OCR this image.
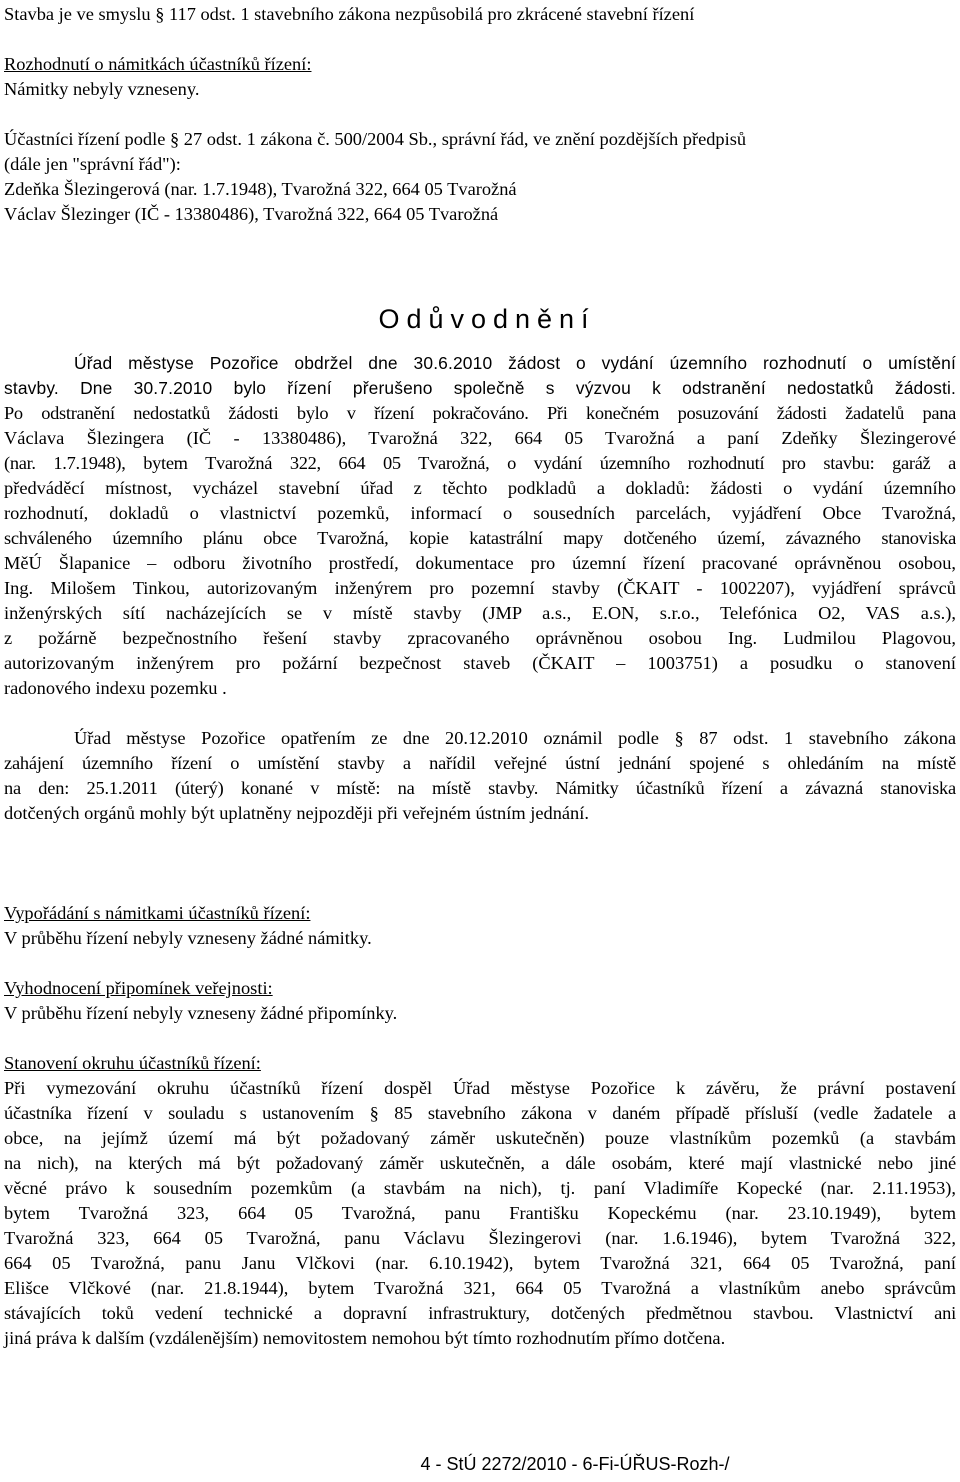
Stavba je ve smyslu § 117 odst. 1 stavebního zákona nezpůsobilá pro zkrácené stavební řízení
Rozhodnutí o námitkách účastníků řízení:
Námitky nebyly vzneseny.
Účastníci řízení podle § 27 odst. 1 zákona č. 500/2004 Sb., správní řád, ve znění pozdějších předpisů
(dále jen "správní řád"):
Zdeňka Šlezingerová (nar. 1.7.1948), Tvarožná 322, 664 05 Tvarožná
Václav Šlezinger (IČ - 13380486), Tvarožná 322, 664 05 Tvarožná
Odůvodnění
Úřad městyse Pozořice obdržel dne 30.6.2010 žádost o vydání územního rozhodnutí o umístění
stavby. Dne 30.7.2010 bylo řízení přerušeno společně s výzvou k odstranění nedostatků žádosti.
Po odstranění nedostatků žádosti bylo v řízení pokračováno. Při konečném posuzování žádosti žadatelů pana
Václava Šlezingera (IČ - 13380486), Tvarožná 322, 664 05 Tvarožná a paní Zdeňky Šlezingerové
(nar. 1.7.1948), bytem Tvarožná 322, 664 05 Tvarožná, o vydání územního rozhodnutí pro stavbu: garáž a
předváděcí místnost, vycházel stavební úřad z těchto podkladů a dokladů: žádosti o vydání územního
rozhodnutí, dokladů o vlastnictví pozemků, informací o sousedních parcelách, vyjádření Obce Tvarožná,
schváleného územního plánu obce Tvarožná, kopie katastrální mapy dotčeného území, závazného stanoviska
MěÚ Šlapanice – odboru životního prostředí, dokumentace pro územní řízení pracované oprávněnou osobou,
Ing. Milošem Tinkou, autorizovaným inženýrem pro pozemní stavby (ČKAIT - 1002207), vyjádření správců
inženýrských sítí nacházejících se v místě stavby (JMP a.s., E.ON, s.r.o., Telefónica O2, VAS a.s.),
z požárně bezpečnostního řešení stavby zpracovaného oprávněnou osobou Ing. Ludmilou Plagovou,
autorizovaným inženýrem pro požární bezpečnost staveb (ČKAIT – 1003751) a posudku o stanovení
radonového indexu pozemku .
Úřad městyse Pozořice opatřením ze dne 20.12.2010 oznámil podle § 87 odst. 1 stavebního zákona
zahájení územního řízení o umístění stavby a nařídil veřejné ústní jednání spojené s ohledáním na místě
na den: 25.1.2011 (úterý) konané v místě: na místě stavby. Námitky účastníků řízení a závazná stanoviska
dotčených orgánů mohly být uplatněny nejpozději při veřejném ústním jednání.
Vypořádání s námitkami účastníků řízení:
V průběhu řízení nebyly vzneseny žádné námitky.
Vyhodnocení připomínek veřejnosti:
V průběhu řízení nebyly vzneseny žádné připomínky.
Stanovení okruhu účastníků řízení:
Při vymezování okruhu účastníků řízení dospěl Úřad městyse Pozořice k závěru, že právní postavení
účastníka řízení v souladu s ustanovením § 85 stavebního zákona v daném případě přísluší (vedle žadatele a
obce, na jejímž území má být požadovaný záměr uskutečněn) pouze vlastníkům pozemků (a stavbám
na nich), na kterých má být požadovaný záměr uskutečněn, a dále osobám, které mají vlastnické nebo jiné
věcné právo k sousedním pozemkům (a stavbám na nich), tj. paní Vladimíře Kopecké (nar. 2.11.1953),
bytem Tvarožná 323, 664 05 Tvarožná, panu Františku Kopeckému (nar. 23.10.1949), bytem
Tvarožná 323, 664 05 Tvarožná, panu Václavu Šlezingerovi (nar. 1.6.1946), bytem Tvarožná 322,
664 05 Tvarožná, panu Janu Vlčkovi (nar. 6.10.1942), bytem Tvarožná 321, 664 05 Tvarožná, paní
Elišce Vlčkové (nar. 21.8.1944), bytem Tvarožná 321, 664 05 Tvarožná a vlastníkům anebo správcům
stávajících toků vedení technické a dopravní infrastruktury, dotčených předmětnou stavbou. Vlastnictví ani
jiná práva k dalším (vzdálenějším) nemovitostem nemohou být tímto rozhodnutím přímo dotčena.
4 - StÚ 2272/2010 - 6-Fi-ÚŘUS-Rozh-/
